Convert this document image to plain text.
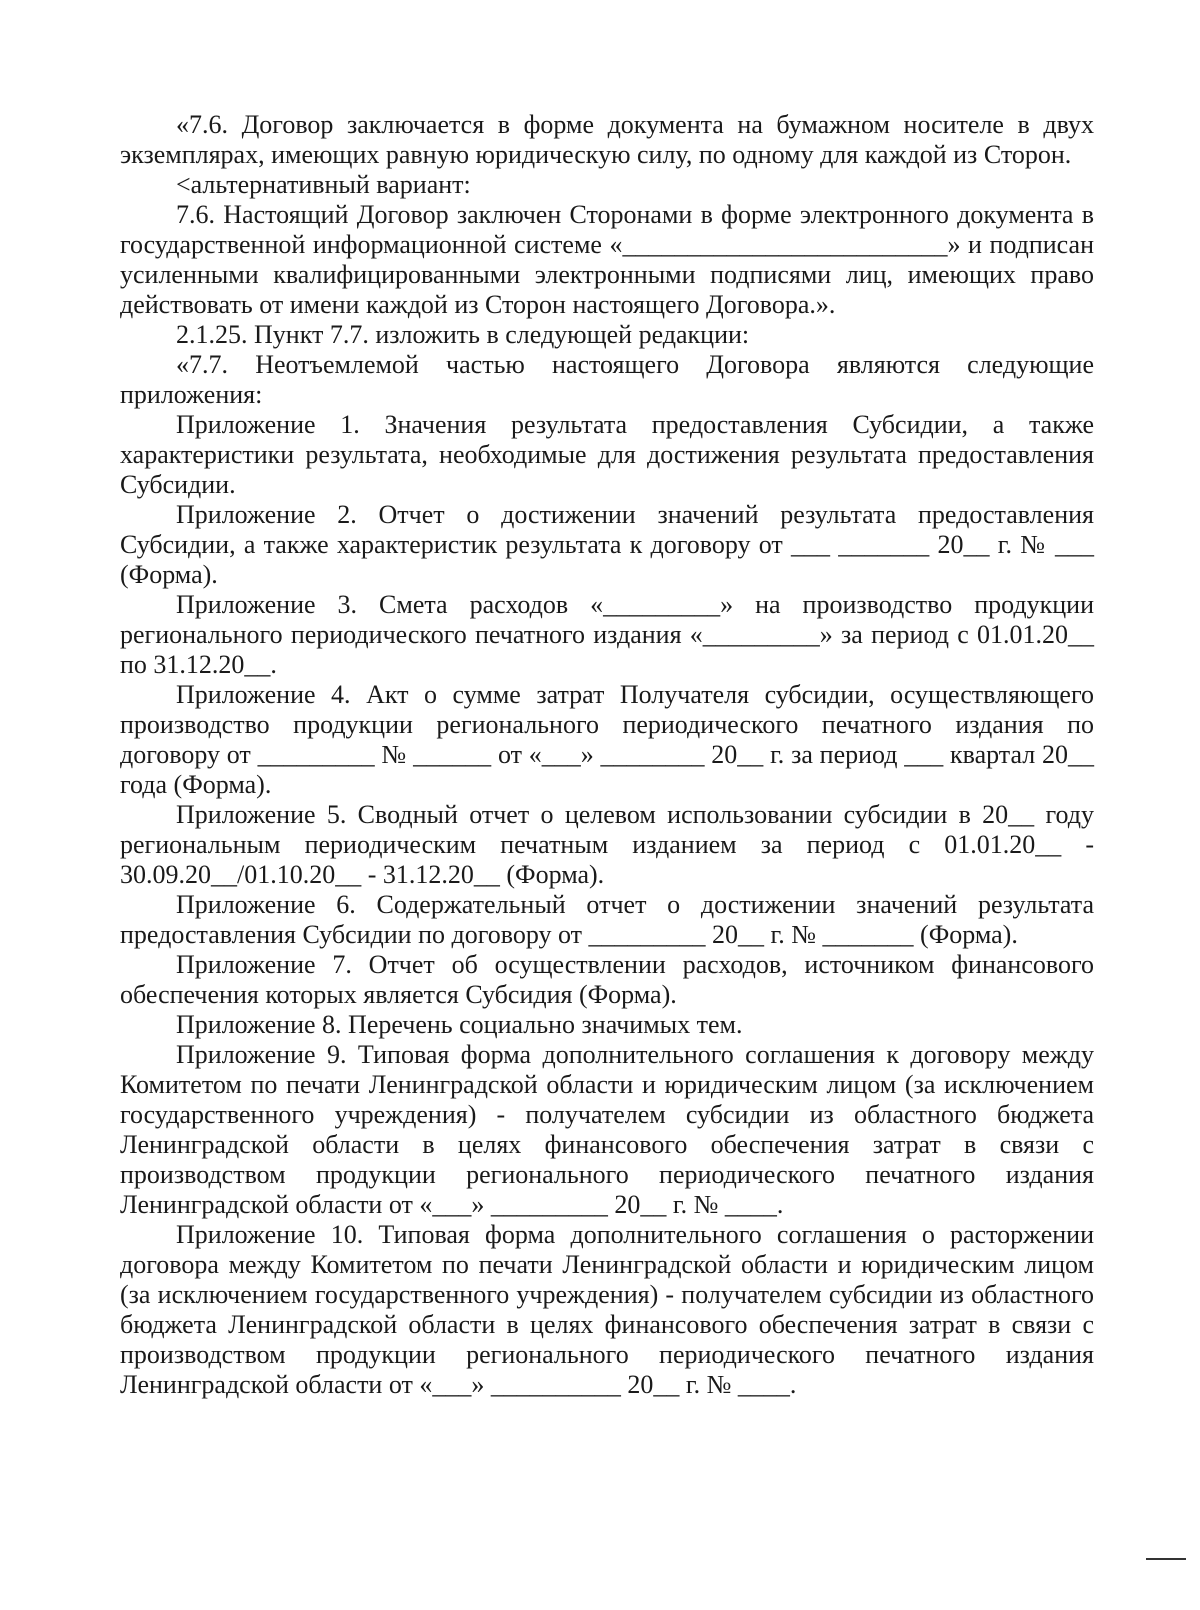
«7.6. Договор заключается в форме документа на бумажном носителе в двух экземплярах, имеющих равную юридическую силу, по одному для каждой из Сторон.

<альтернативный вариант:

7.6. Настоящий Договор заключен Сторонами в форме электронного документа в государственной информационной системе «_________________________» и подписан усиленными квалифицированными электронными подписями лиц, имеющих право действовать от имени каждой из Сторон настоящего Договора.».

2.1.25. Пункт 7.7. изложить в следующей редакции:

«7.7. Неотъемлемой частью настоящего Договора являются следующие приложения:

Приложение 1. Значения результата предоставления Субсидии, а также характеристики результата, необходимые для достижения результата предоставления Субсидии.

Приложение 2. Отчет о достижении значений результата предоставления Субсидии, а также характеристик результата к договору от ___ _______ 20__ г. № ___ (Форма).

Приложение 3. Смета расходов «_________» на производство продукции регионального периодического печатного издания «_________» за период с 01.01.20__ по 31.12.20__.

Приложение 4. Акт о сумме затрат Получателя субсидии, осуществляющего производство продукции регионального периодического печатного издания по договору от _________ № ______ от «___» ________ 20__ г. за период ___ квартал 20__ года (Форма).

Приложение 5. Сводный отчет о целевом использовании субсидии в 20__ году региональным периодическим печатным изданием за период с 01.01.20__ - 30.09.20__/01.10.20__ - 31.12.20__ (Форма).

Приложение 6. Содержательный отчет о достижении значений результата предоставления Субсидии по договору от _________ 20__ г. № _______ (Форма).

Приложение 7. Отчет об осуществлении расходов, источником финансового обеспечения которых является Субсидия (Форма).

Приложение 8. Перечень социально значимых тем.

Приложение 9. Типовая форма дополнительного соглашения к договору между Комитетом по печати Ленинградской области и юридическим лицом (за исключением государственного учреждения) - получателем субсидии из областного бюджета Ленинградской области в целях финансового обеспечения затрат в связи с производством продукции регионального периодического печатного издания Ленинградской области от «___» _________ 20__ г. № ____.

Приложение 10. Типовая форма дополнительного соглашения о расторжении договора между Комитетом по печати Ленинградской области и юридическим лицом (за исключением государственного учреждения) - получателем субсидии из областного бюджета Ленинградской области в целях финансового обеспечения затрат в связи с производством продукции регионального периодического печатного издания Ленинградской области от «___» __________ 20__ г. № ____.
